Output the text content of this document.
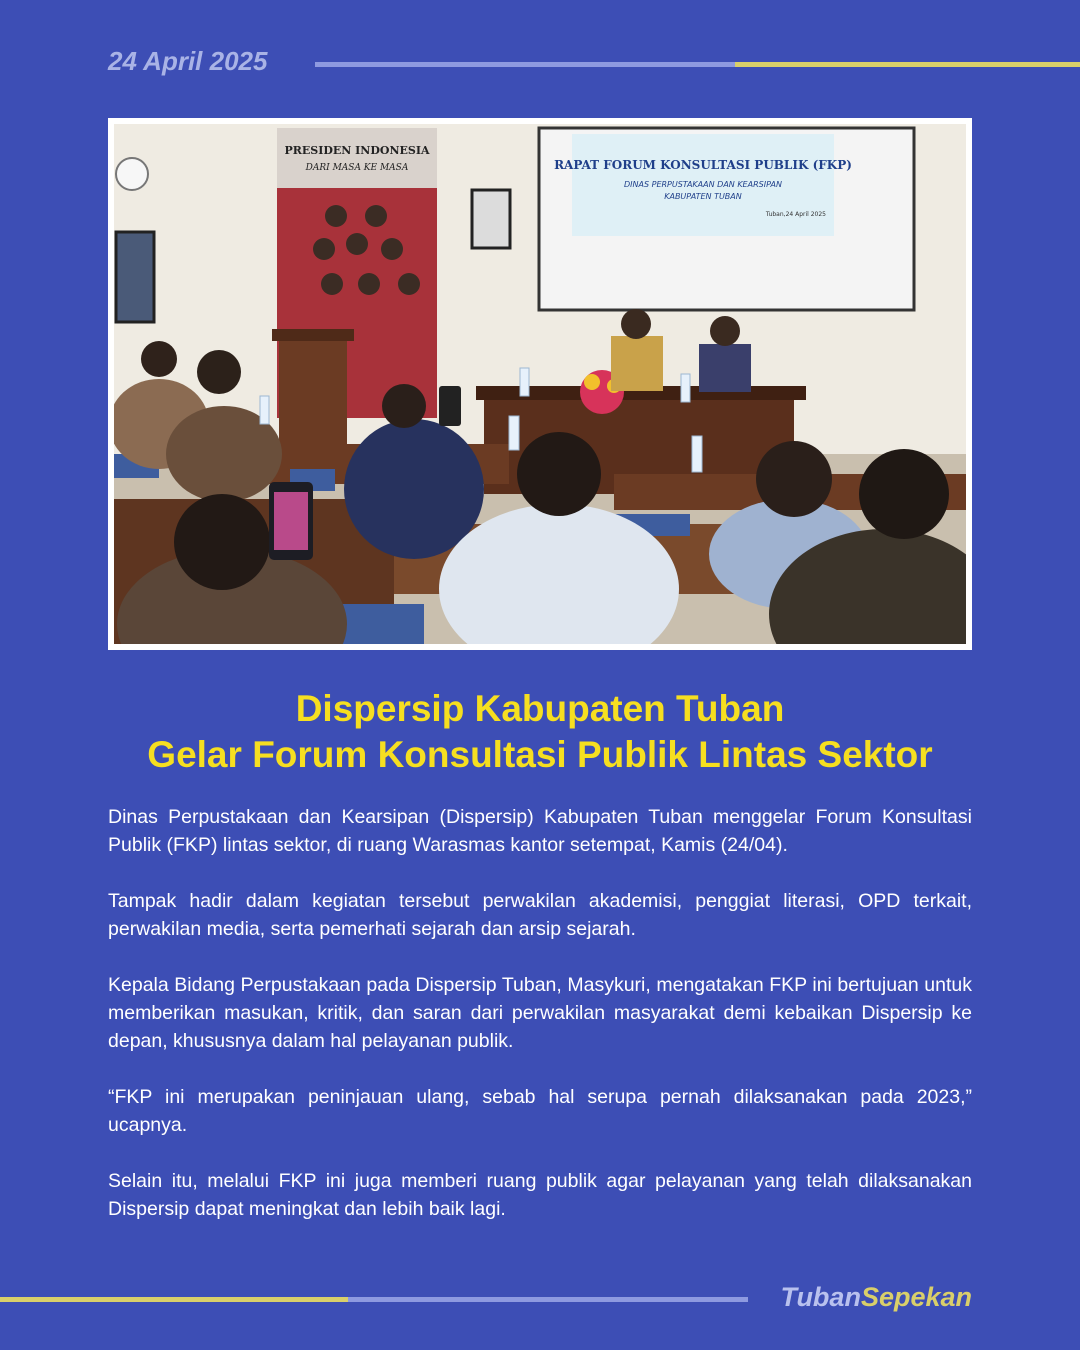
24 April 2025
PRESIDEN INDONESIA
DARI MASA KE MASA	RAPAT FORUM KONSULTASI PUBLIK (FKP)
DINAS PERPUSTAKAAN DAN KEARSIPAN
KABUPATEN TUBAN
Tuban,24 April 2025
Dispersip Kabupaten Tuban
Gelar Forum Konsultasi Publik Lintas Sektor

Dinas Perpustakaan dan Kearsipan (Dispersip) Kabupaten Tuban menggelar Forum Konsultasi Publik (FKP) lintas sektor, di ruang Warasmas kantor setempat, Kamis (24/04).

Tampak hadir dalam kegiatan tersebut perwakilan akademisi, penggiat literasi, OPD terkait, perwakilan media, serta pemerhati sejarah dan arsip sejarah.

Kepala Bidang Perpustakaan pada Dispersip Tuban, Masykuri, mengatakan FKP ini bertujuan untuk memberikan masukan, kritik, dan saran dari perwakilan masyarakat demi kebaikan Dispersip ke depan, khususnya dalam hal pelayanan publik.

“FKP ini merupakan peninjauan ulang, sebab hal serupa pernah dilaksanakan pada 2023,” ucapnya.

Selain itu, melalui FKP ini juga memberi ruang publik agar pelayanan yang telah dilaksanakan Dispersip dapat meningkat dan lebih baik lagi.

TubanSepekan
